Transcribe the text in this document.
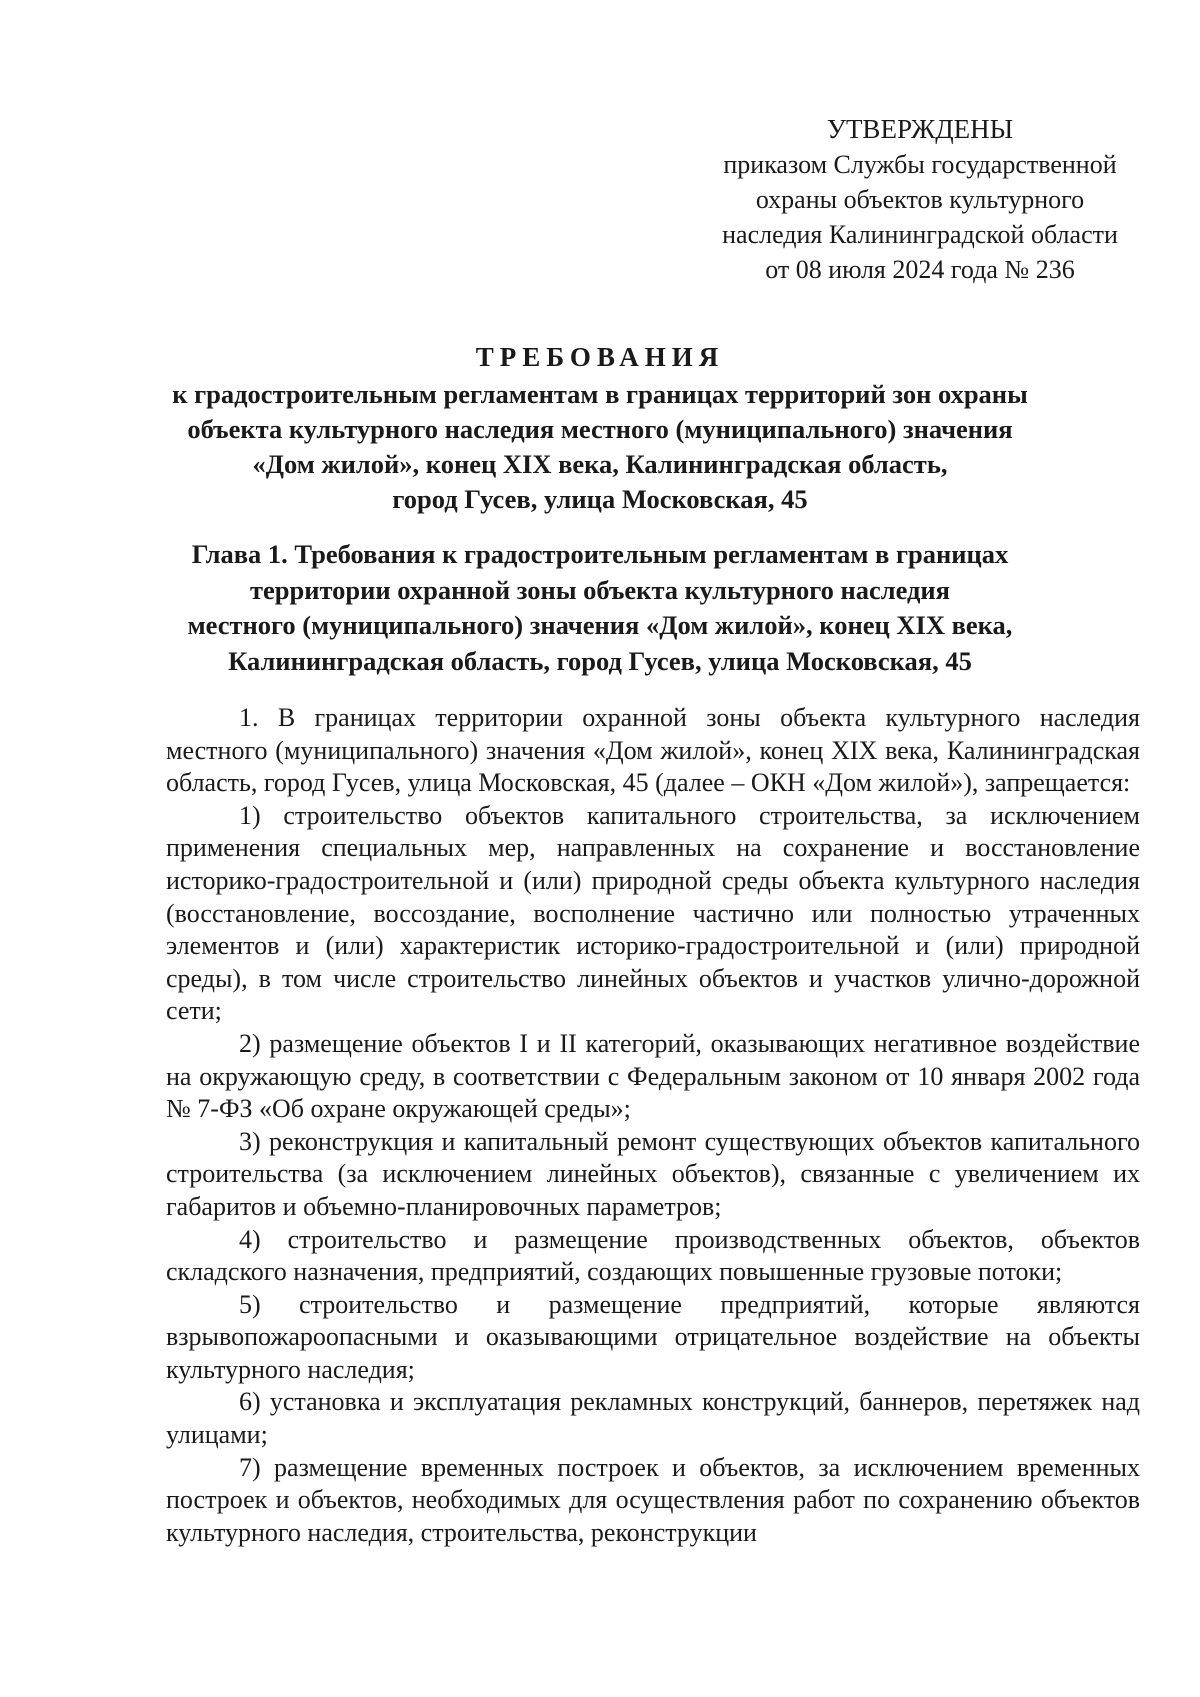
УТВЕРЖДЕНЫ
приказом Службы государственной
охраны объектов культурного
наследия Калининградской области
от 08 июля 2024 года № 236
ТРЕБОВАНИЯ
к градостроительным регламентам в границах территорий зон охраны
объекта культурного наследия местного (муниципального) значения
«Дом жилой», конец XIX века, Калининградская область,
город Гусев, улица Московская, 45
Глава 1. Требования к градостроительным регламентам в границах
территории охранной зоны объекта культурного наследия
местного (муниципального) значения «Дом жилой», конец XIX века,
Калининградская область, город Гусев, улица Московская, 45

1. В границах территории охранной зоны объекта культурного наследия местного (муниципального) значения «Дом жилой», конец XIX века, Калининградская область, город Гусев, улица Московская, 45 (далее – ОКН «Дом жилой»), запрещается:

1) строительство объектов капитального строительства, за исключением применения специальных мер, направленных на сохранение и восстановление историко-градостроительной и (или) природной среды объекта культурного наследия (восстановление, воссоздание, восполнение частично или полностью утраченных элементов и (или) характеристик историко-градостроительной и (или) природной среды), в том числе строительство линейных объектов и участков улично-дорожной сети;

2) размещение объектов I и II категорий, оказывающих негативное воздействие на окружающую среду, в соответствии с Федеральным законом от 10 января 2002 года № 7-ФЗ «Об охране окружающей среды»;

3) реконструкция и капитальный ремонт существующих объектов капитального строительства (за исключением линейных объектов), связанные с увеличением их габаритов и объемно-планировочных параметров;

4) строительство и размещение производственных объектов, объектов складского назначения, предприятий, создающих повышенные грузовые потоки;

5) строительство и размещение предприятий, которые являются взрывопожароопасными и оказывающими отрицательное воздействие на объекты культурного наследия;

6) установка и эксплуатация рекламных конструкций, баннеров, перетяжек над улицами;

7) размещение временных построек и объектов, за исключением временных построек и объектов, необходимых для осуществления работ по сохранению объектов культурного наследия, строительства, реконструкции
